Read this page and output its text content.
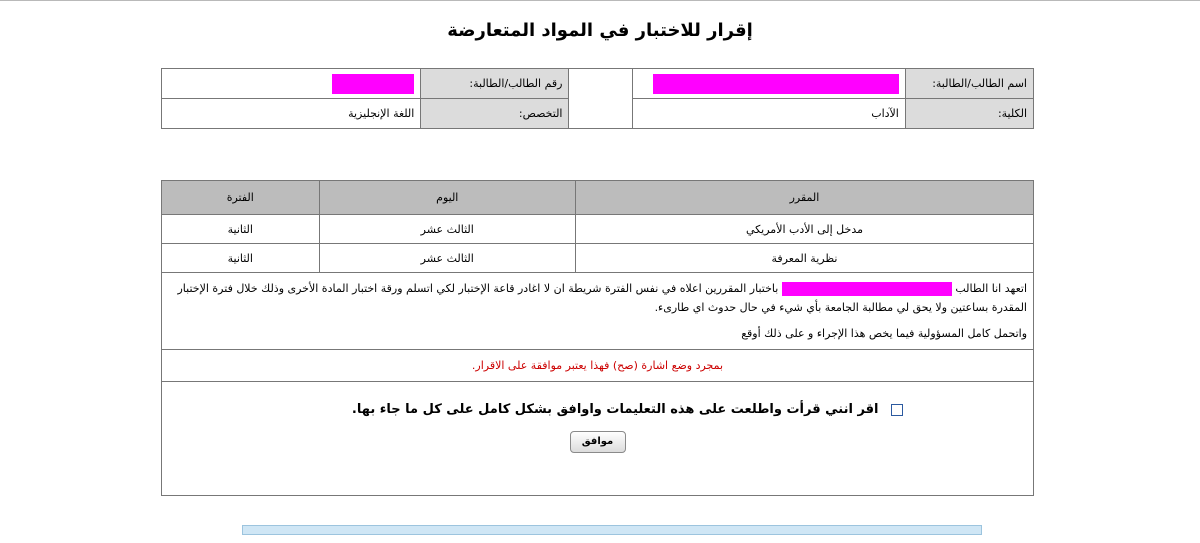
إقرار للاختبار في المواد المتعارضة
اسم الطالب/الطالبة:			رقم الطالب/الطالبة:	
الكلية:	الآداب		التخصص:	اللغة الإنجليزية
المقرر	اليوم	الفترة
مدخل إلى الأدب الأمريكي	الثالث عشر	الثانية
نظرية المعرفة	الثالث عشر	الثانية

اتعهد انا الطالب  باختبار المقررين اعلاه في نفس الفترة شريطة ان لا اغادر قاعة الإختبار لكي اتسلم ورقة اختبار المادة الأخرى وذلك خلال فترة الإختبار المقدرة بساعتين ولا يحق لي مطالبة الجامعة بأي شيء في حال حدوث اي طارىء.
واتحمل كامل المسؤولية فيما يخص هذا الإجراء و على ذلك أوقع		

بمجرد وضع اشارة (صح) فهذا يعتبر موافقة على الاقرار.		

اقر انني قرأت واطلعت على هذه التعليمات واوافق بشكل كامل على كل ما جاء بها.
موافق		
